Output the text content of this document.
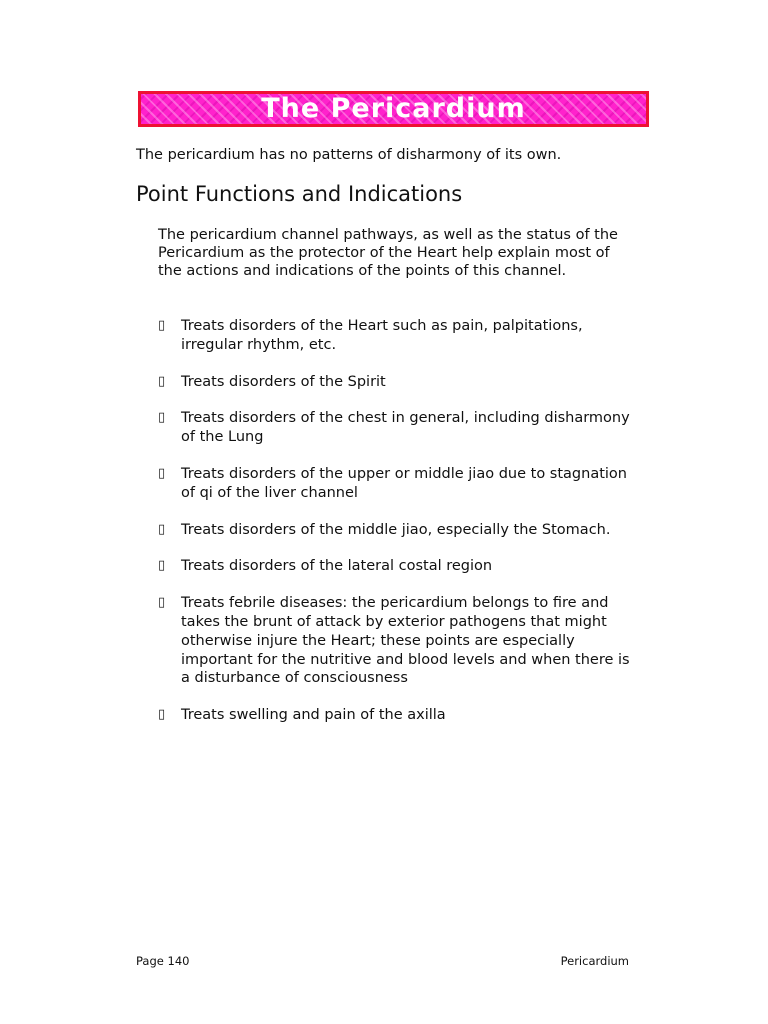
The Pericardium

The pericardium has no patterns of disharmony of its own.

Point Functions and Indications

The pericardium channel pathways, as well as the status of the Pericardium as the protector of the Heart help explain most of the actions and indications of the points of this channel.

▯ Treats disorders of the Heart such as pain, palpitations, irregular rhythm, etc.
▯ Treats disorders of the Spirit
▯ Treats disorders of the chest in general, including disharmony of the Lung
▯ Treats disorders of the upper or middle jiao due to stagnation of qi of the liver channel
▯ Treats disorders of the middle jiao, especially the Stomach.
▯ Treats disorders of the lateral costal region
▯ Treats febrile diseases: the pericardium belongs to fire and takes the brunt of attack by exterior pathogens that might otherwise injure the Heart; these points are especially important for the nutritive and blood levels and when there is a disturbance of consciousness
▯ Treats swelling and pain of the axilla

Page 140	Pericardium
